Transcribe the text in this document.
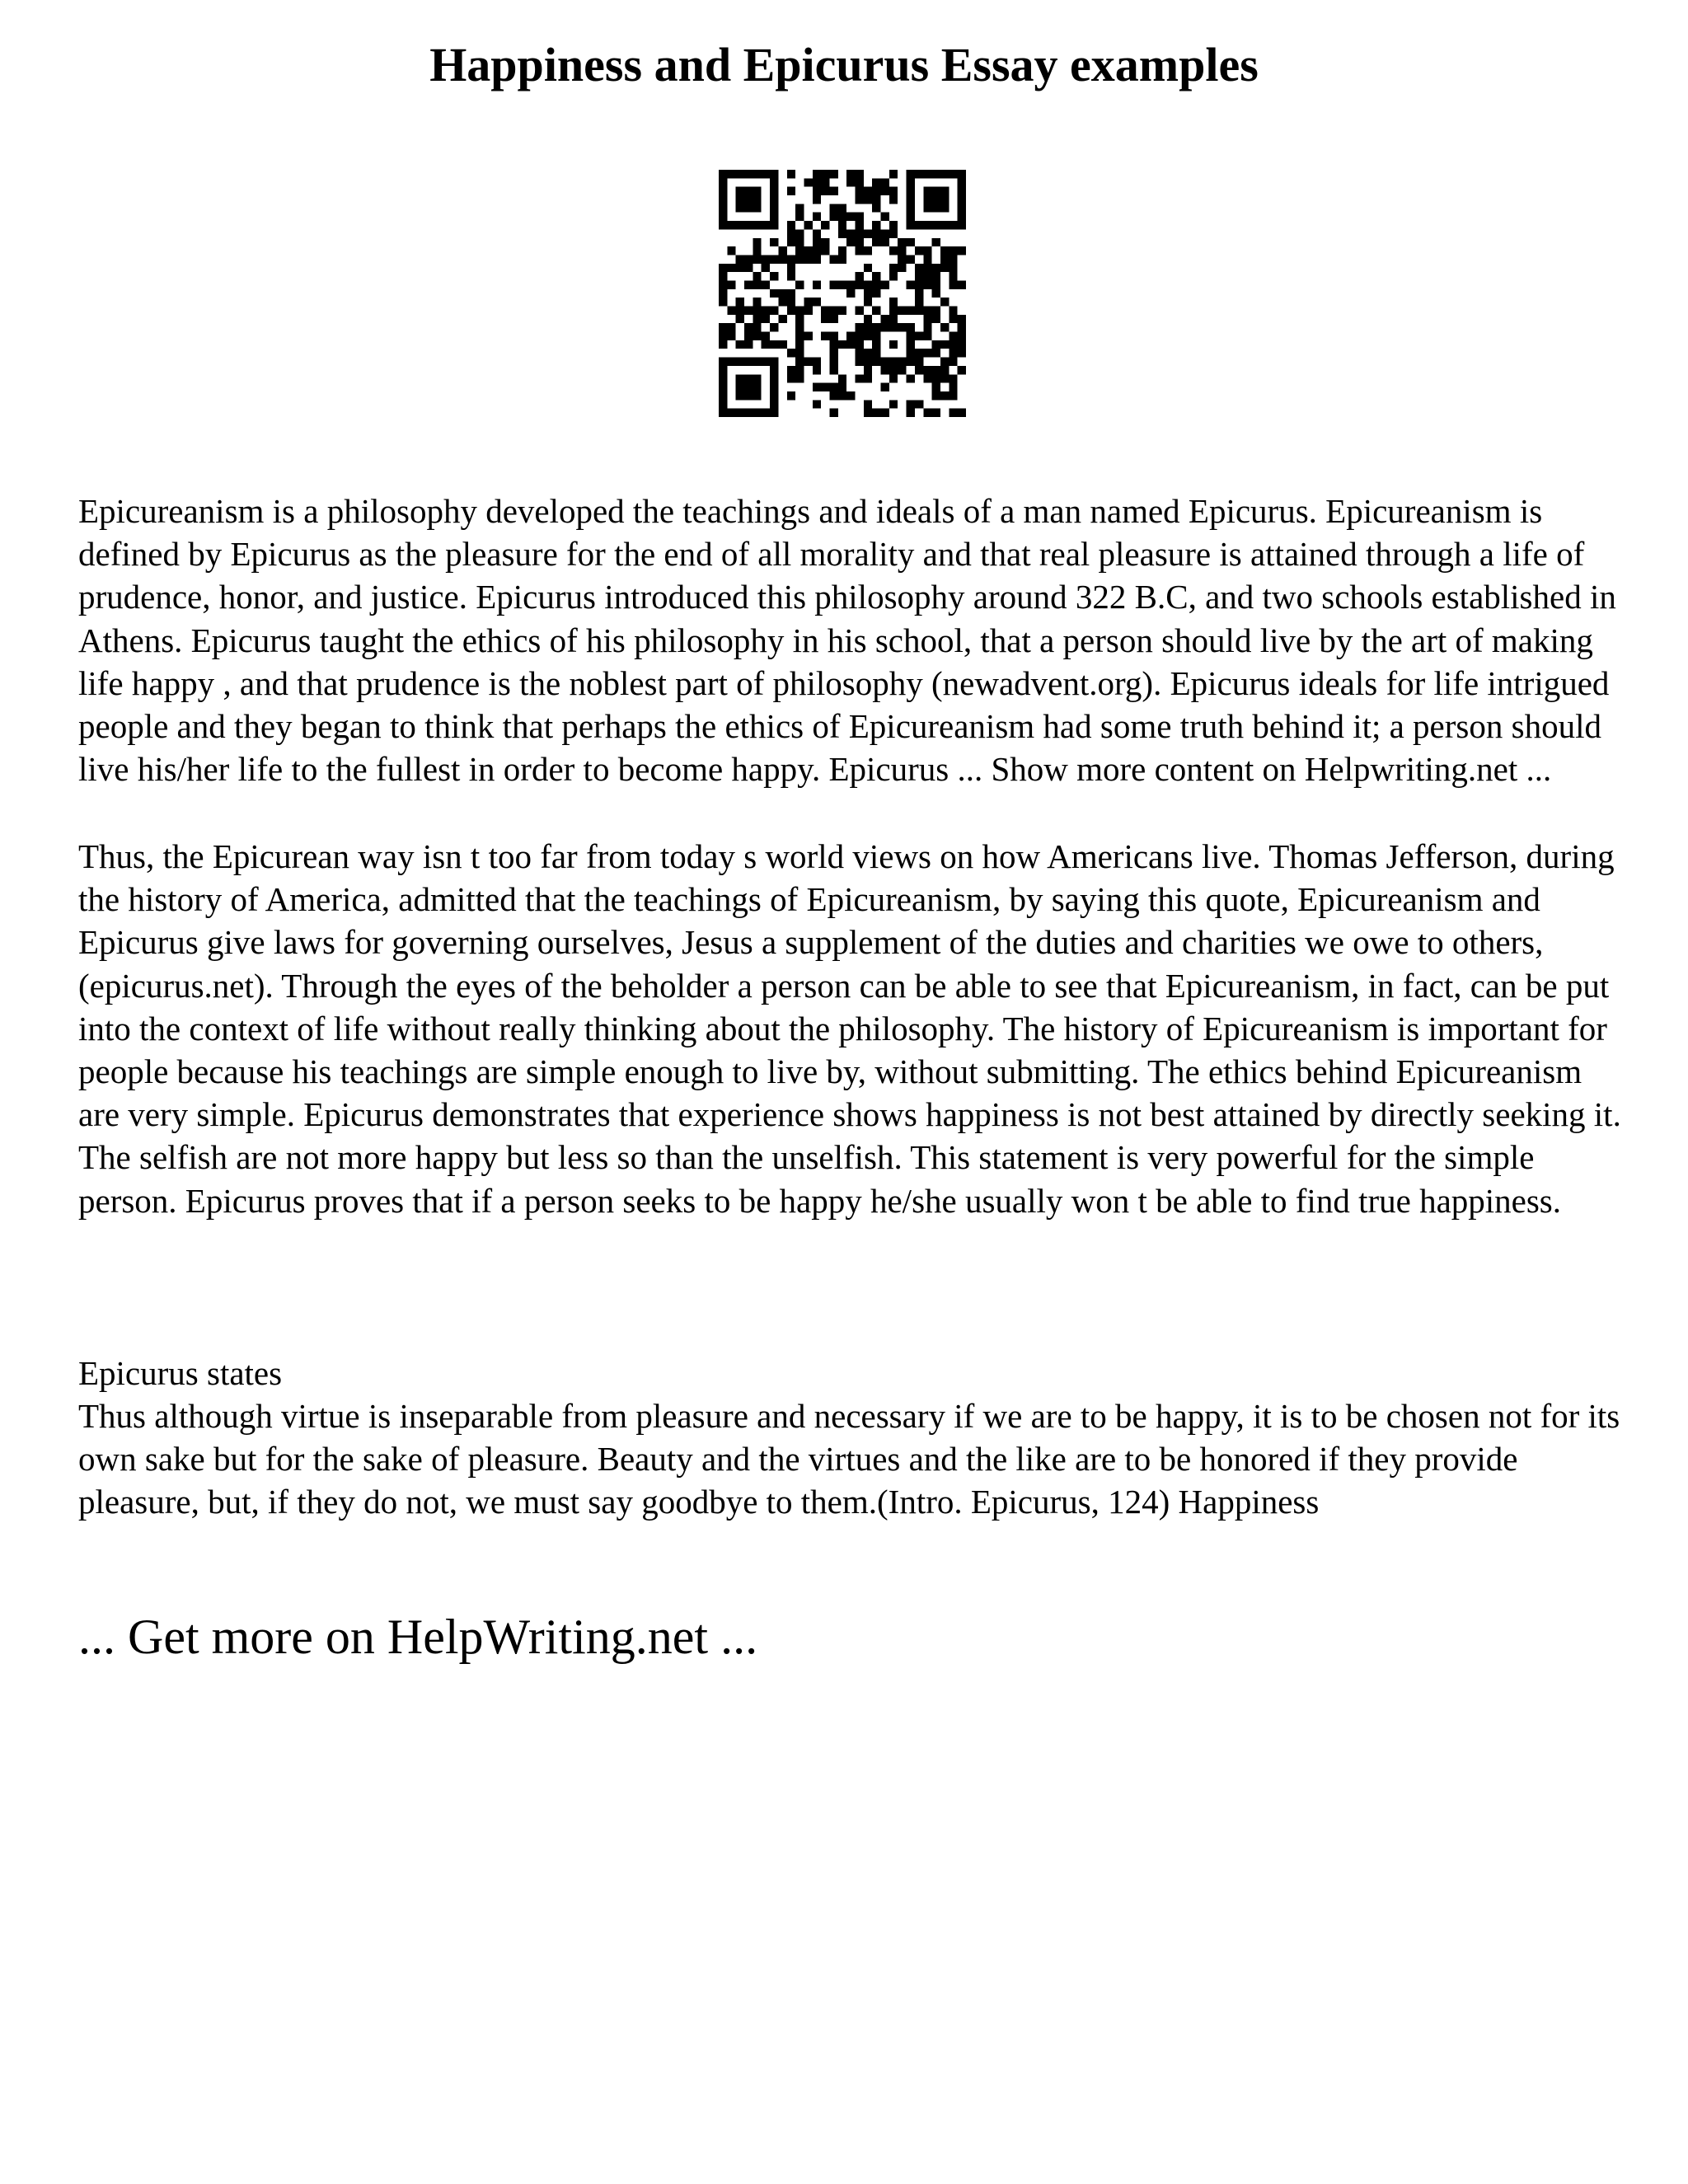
Happiness and Epicurus Essay examples

Epicureanism is a philosophy developed the teachings and ideals of a man named Epicurus. Epicureanism is defined by Epicurus as the pleasure for the end of all morality and that real pleasure is attained through a life of prudence, honor, and justice. Epicurus introduced this philosophy around 322 B.C, and two schools established in Athens. Epicurus taught the ethics of his philosophy in his school, that a person should live by the art of making life happy , and that prudence is the noblest part of philosophy (newadvent.org). Epicurus ideals for life intrigued people and they began to think that perhaps the ethics of Epicureanism had some truth behind it; a person should live his/her life to the fullest in order to become happy. Epicurus ... Show more content on Helpwriting.net ...

Thus, the Epicurean way isn t too far from today s world views on how Americans live. Thomas Jefferson, during the history of America, admitted that the teachings of Epicureanism, by saying this quote, Epicureanism and Epicurus give laws for governing ourselves, Jesus a supplement of the duties and charities we owe to others, (epicurus.net). Through the eyes of the beholder a person can be able to see that Epicureanism, in fact, can be put into the context of life without really thinking about the philosophy. The history of Epicureanism is important for people because his teachings are simple enough to live by, without submitting. The ethics behind Epicureanism are very simple. Epicurus demonstrates that experience shows happiness is not best attained by directly seeking it. The selfish are not more happy but less so than the unselfish. This statement is very powerful for the simple person. Epicurus proves that if a person seeks to be happy he/she usually won t be able to find true happiness.

Epicurus states

Thus although virtue is inseparable from pleasure and necessary if we are to be happy, it is to be chosen not for its own sake but for the sake of pleasure. Beauty and the virtues and the like are to be honored if they provide pleasure, but, if they do not, we must say goodbye to them.(Intro. Epicurus, 124) Happiness

... Get more on HelpWriting.net ...
